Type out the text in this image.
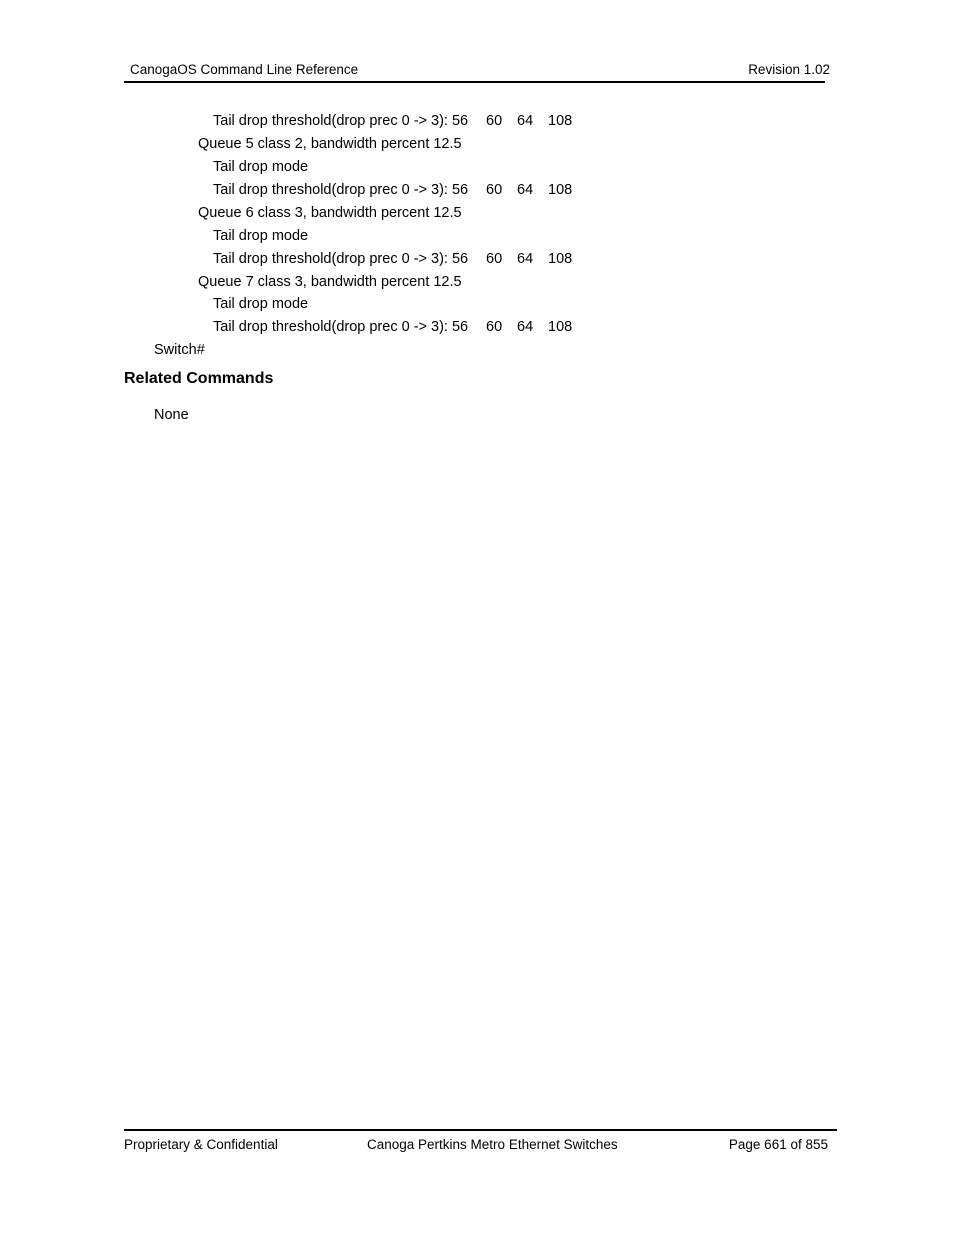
CanogaOS Command Line Reference	Revision 1.02
Tail drop threshold(drop prec 0 -> 3): 56 60 64 108
Queue 5 class 2, bandwidth percent 12.5
Tail drop mode
Tail drop threshold(drop prec 0 -> 3): 56 60 64 108
Queue 6 class 3, bandwidth percent 12.5
Tail drop mode
Tail drop threshold(drop prec 0 -> 3): 56 60 64 108
Queue 7 class 3, bandwidth percent 12.5
Tail drop mode
Tail drop threshold(drop prec 0 -> 3): 56 60 64 108
Switch#
Related Commands
None
Proprietary & Confidential	Canoga Pertkins Metro Ethernet Switches	Page 661 of 855
